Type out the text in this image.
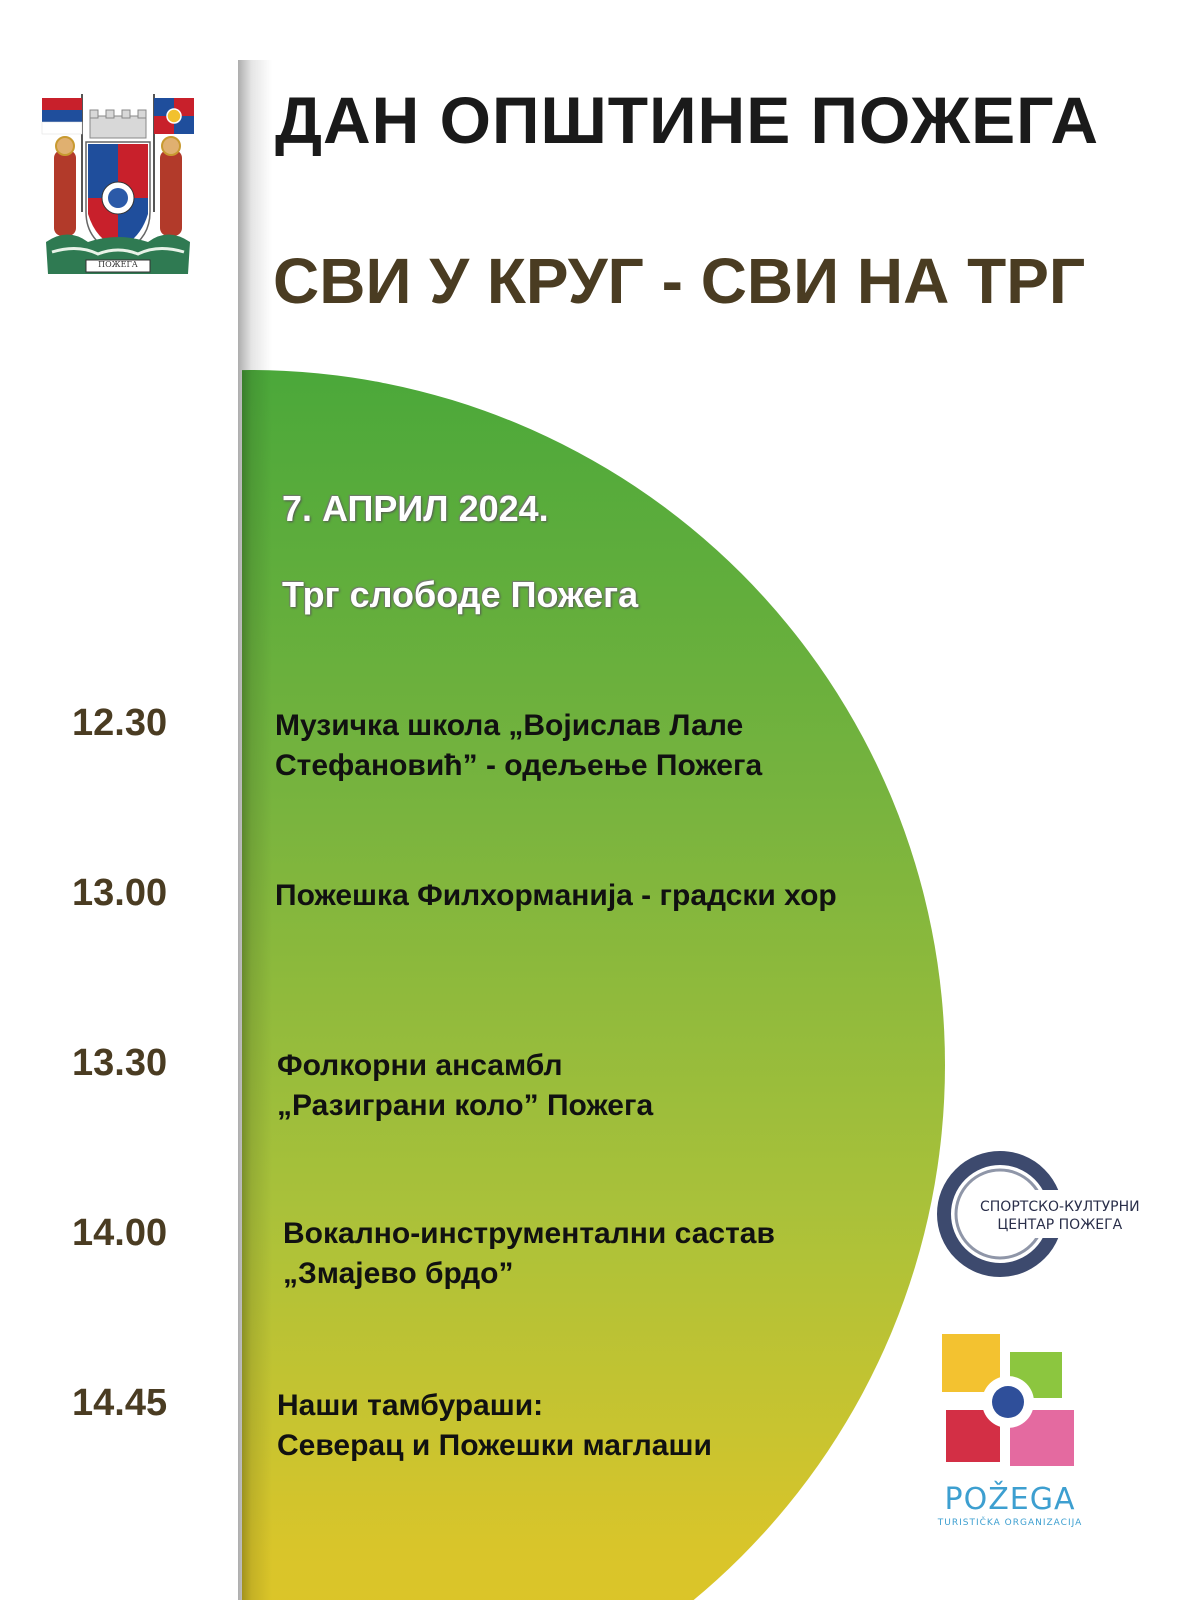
ПОЖЕГА
ДАН ОПШТИНЕ ПОЖЕГА
СВИ У КРУГ - СВИ НА ТРГ
7. АПРИЛ 2024.
Трг слободе Пожега
12.30	Музичка школа „Војислав Лале
Стефановић” - одељење Пожега
13.00	Пожешка Филхормaнија - градски хор
13.30	Фолкорни ансамбл
„Разиграни коло” Пожега
14.00	Вокално-инструментални састав
„Змајево брдо”
14.45	Наши тамбураши:
Северац и Пожешки маглаши
СПОРТСКО-КУЛТУРНИ
ЦЕНТАР ПОЖЕГА
POŽEGA
TURISTIČKA ORGANIZACIJA
